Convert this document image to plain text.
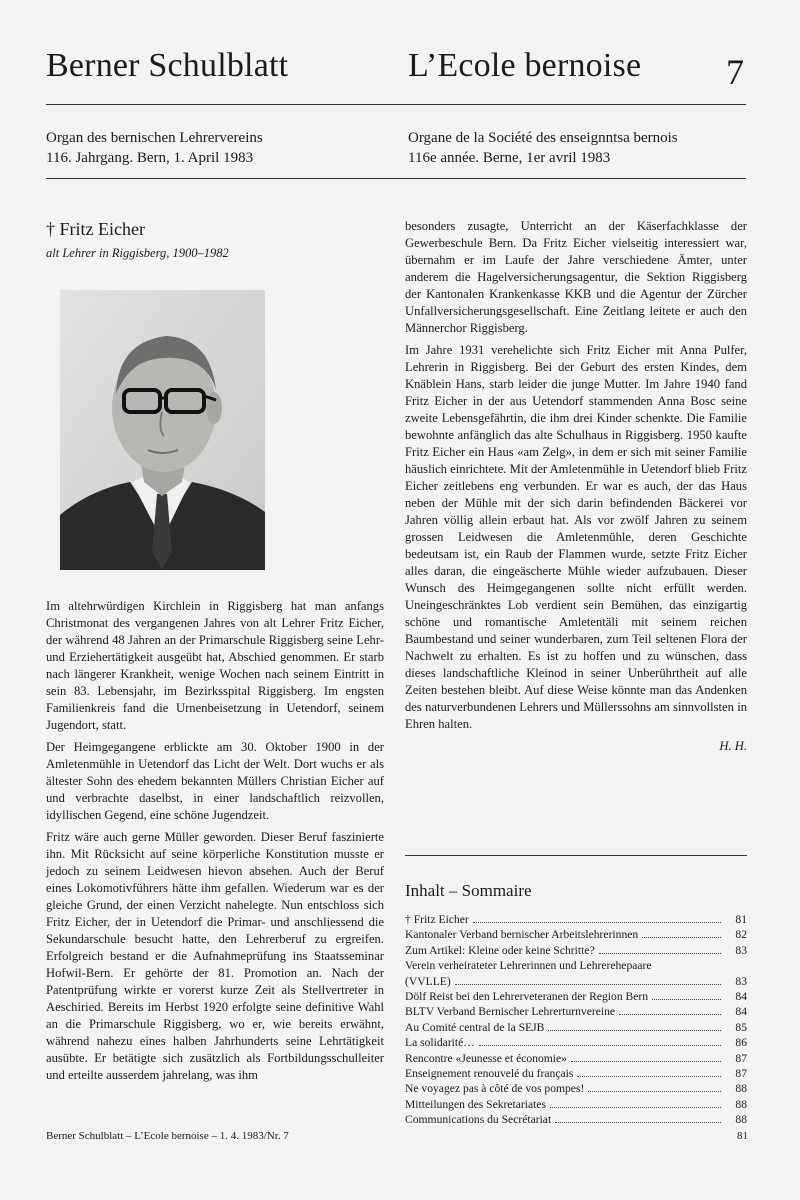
Berner Schulblatt	L’Ecole bernoise 7
Organ des bernischen Lehrervereins
116. Jahrgang. Bern, 1. April 1983
Organe de la Société des enseignntsa bernois
116e année. Berne, 1er avril 1983
† Fritz Eicher
alt Lehrer in Riggisberg, 1900–1982

Im altehrwürdigen Kirchlein in Riggisberg hat man anfangs Christmonat des vergangenen Jahres von alt Lehrer Fritz Eicher, der während 48 Jahren an der Primarschule Riggisberg seine Lehr- und Erziehertätigkeit ausgeübt hat, Abschied genommen. Er starb nach längerer Krankheit, wenige Wochen nach seinem Eintritt in sein 83. Lebensjahr, im Bezirksspital Riggisberg. Im engsten Familienkreis fand die Urnenbeisetzung in Uetendorf, seinem Jugendort, statt.

Der Heimgegangene erblickte am 30. Oktober 1900 in der Amletenmühle in Uetendorf das Licht der Welt. Dort wuchs er als ältester Sohn des ehedem bekannten Müllers Christian Eicher auf und verbrachte daselbst, in einer landschaftlich reizvollen, idyllischen Gegend, eine schöne Jugendzeit.

Fritz wäre auch gerne Müller geworden. Dieser Beruf faszinierte ihn. Mit Rücksicht auf seine körperliche Konstitution musste er jedoch zu seinem Leidwesen hievon absehen. Auch der Beruf eines Lokomotivführers hätte ihm gefallen. Wiederum war es der gleiche Grund, der einen Verzicht nahelegte. Nun entschloss sich Fritz Eicher, der in Uetendorf die Primar- und anschliessend die Sekundarschule besucht hatte, den Lehrerberuf zu ergreifen. Erfolgreich bestand er die Aufnahmeprüfung ins Staatsseminar Hofwil-Bern. Er gehörte der 81. Promotion an. Nach der Patentprüfung wirkte er vorerst kurze Zeit als Stellvertreter in Aeschiried. Bereits im Herbst 1920 erfolgte seine definitive Wahl an die Primarschule Riggisberg, wo er, wie bereits erwähnt, während nahezu eines halben Jahrhunderts seine Lehrtätigkeit ausübte. Er betätigte sich zusätzlich als Fortbildungsschulleiter und erteilte ausserdem jahrelang, was ihm

besonders zusagte, Unterricht an der Käserfachklasse der Gewerbeschule Bern. Da Fritz Eicher vielseitig interessiert war, übernahm er im Laufe der Jahre verschiedene Ämter, unter anderem die Hagelversicherungsagentur, die Sektion Riggisberg der Kantonalen Krankenkasse KKB und die Agentur der Zürcher Unfallversicherungsgesellschaft. Eine Zeitlang leitete er auch den Männerchor Riggisberg.

Im Jahre 1931 verehelichte sich Fritz Eicher mit Anna Pulfer, Lehrerin in Riggisberg. Bei der Geburt des ersten Kindes, dem Knäblein Hans, starb leider die junge Mutter. Im Jahre 1940 fand Fritz Eicher in der aus Uetendorf stammenden Anna Bosc seine zweite Lebensgefährtin, die ihm drei Kinder schenkte. Die Familie bewohnte anfänglich das alte Schulhaus in Riggisberg. 1950 kaufte Fritz Eicher ein Haus «am Zelg», in dem er sich mit seiner Familie häuslich einrichtete. Mit der Amletenmühle in Uetendorf blieb Fritz Eicher zeitlebens eng verbunden. Er war es auch, der das Haus neben der Mühle mit der sich darin befindenden Bäckerei vor Jahren völlig allein erbaut hat. Als vor zwölf Jahren zu seinem grossen Leidwesen die Amletenmühle, deren Geschichte bedeutsam ist, ein Raub der Flammen wurde, setzte Fritz Eicher alles daran, die eingeäscherte Mühle wieder aufzubauen. Dieser Wunsch des Heimgegangenen sollte nicht erfüllt werden. Uneingeschränktes Lob verdient sein Bemühen, das einzigartig schöne und romantische Amletentäli mit seinem reichen Baumbestand und seiner wunderbaren, zum Teil seltenen Flora der Nachwelt zu erhalten. Es ist zu hoffen und zu wünschen, dass dieses landschaftliche Kleinod in seiner Unberührtheit auf alle Zeiten bestehen bleibt. Auf diese Weise könnte man das Andenken des naturverbundenen Lehrers und Müllerssohns am sinnvollsten in Ehren halten.

H. H.

Inhalt – Sommaire
† Fritz Eicher	81
Kantonaler Verband bernischer Arbeitslehrerinnen	82
Zum Artikel: Kleine oder keine Schritte?	83
Verein verheirateter Lehrerinnen und Lehrerehepaare
(VVLLE)	83
Dölf Reist bei den Lehrerveteranen der Region Bern	84
BLTV Verband Bernischer Lehrerturnvereine	84
Au Comité central de la SEJB	85
La solidarité…	86
Rencontre «Jeunesse et économie»	87
Enseignement renouvelé du français	87
Ne voyagez pas à côté de vos pompes!	88
Mitteilungen des Sekretariates	88
Communications du Secrétariat	88
Berner Schulblatt – L’Ecole bernoise – 1. 4. 1983/Nr. 7	81
